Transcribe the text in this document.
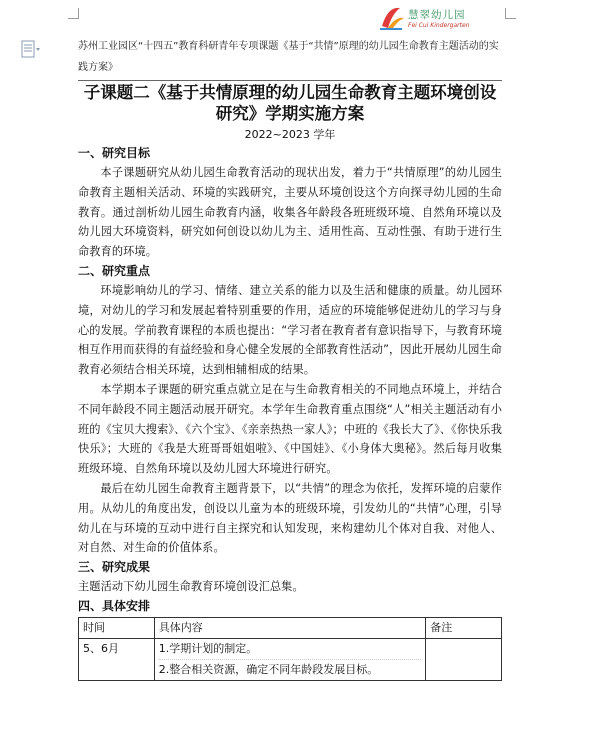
慧翠幼儿园
Fei Cui Kindergarten
苏州工业园区“十四五”教育科研青年专项课题《基于“共情”原理的幼儿园生命教育主题活动的实践方案》
子课题二《基于共情原理的幼儿园生命教育主题环境创设研究》学期实施方案
2022~2023 学年
一、研究目标

本子课题研究从幼儿园生命教育活动的现状出发，着力于“共情原理”的幼儿园生命教育主题相关活动、环境的实践研究，主要从环境创设这个方向探寻幼儿园的生命教育。通过剖析幼儿园生命教育内涵，收集各年龄段各班班级环境、自然角环境以及幼儿园大环境资料，研究如何创设以幼儿为主、适用性高、互动性强、有助于进行生命教育的环境。

二、研究重点

环境影响幼儿的学习、情绪、建立关系的能力以及生活和健康的质量。幼儿园环境，对幼儿的学习和发展起着特别重要的作用，适应的环境能够促进幼儿的学习与身心的发展。学前教育课程的本质也提出：“学习者在教育者有意识指导下，与教育环境相互作用而获得的有益经验和身心健全发展的全部教育性活动”，因此开展幼儿园生命教育必须结合相关环境，达到相辅相成的结果。

本学期本子课题的研究重点就立足在与生命教育相关的不同地点环境上，并结合不同年龄段不同主题活动展开研究。本学年生命教育重点围绕“人”相关主题活动有小班的《宝贝大搜索》、《六个宝》、《亲亲热热一家人》；中班的《我长大了》、《你快乐我快乐》；大班的《我是大班哥哥姐姐啦》、《中国娃》、《小身体大奥秘》。然后每月收集班级环境、自然角环境以及幼儿园大环境进行研究。

最后在幼儿园生命教育主题背景下，以“共情”的理念为依托，发挥环境的启蒙作用。从幼儿的角度出发，创设以儿童为本的班级环境，引发幼儿的“共情”心理，引导幼儿在与环境的互动中进行自主探究和认知发现，来构建幼儿个体对自我、对他人、对自然、对生命的价值体系。

三、研究成果

主题活动下幼儿园生命教育环境创设汇总集。

四、具体安排
时间	具体内容	备注
5、6月	1.学期计划的制定。
2.整合相关资源，确定不同年龄段发展目标。	
